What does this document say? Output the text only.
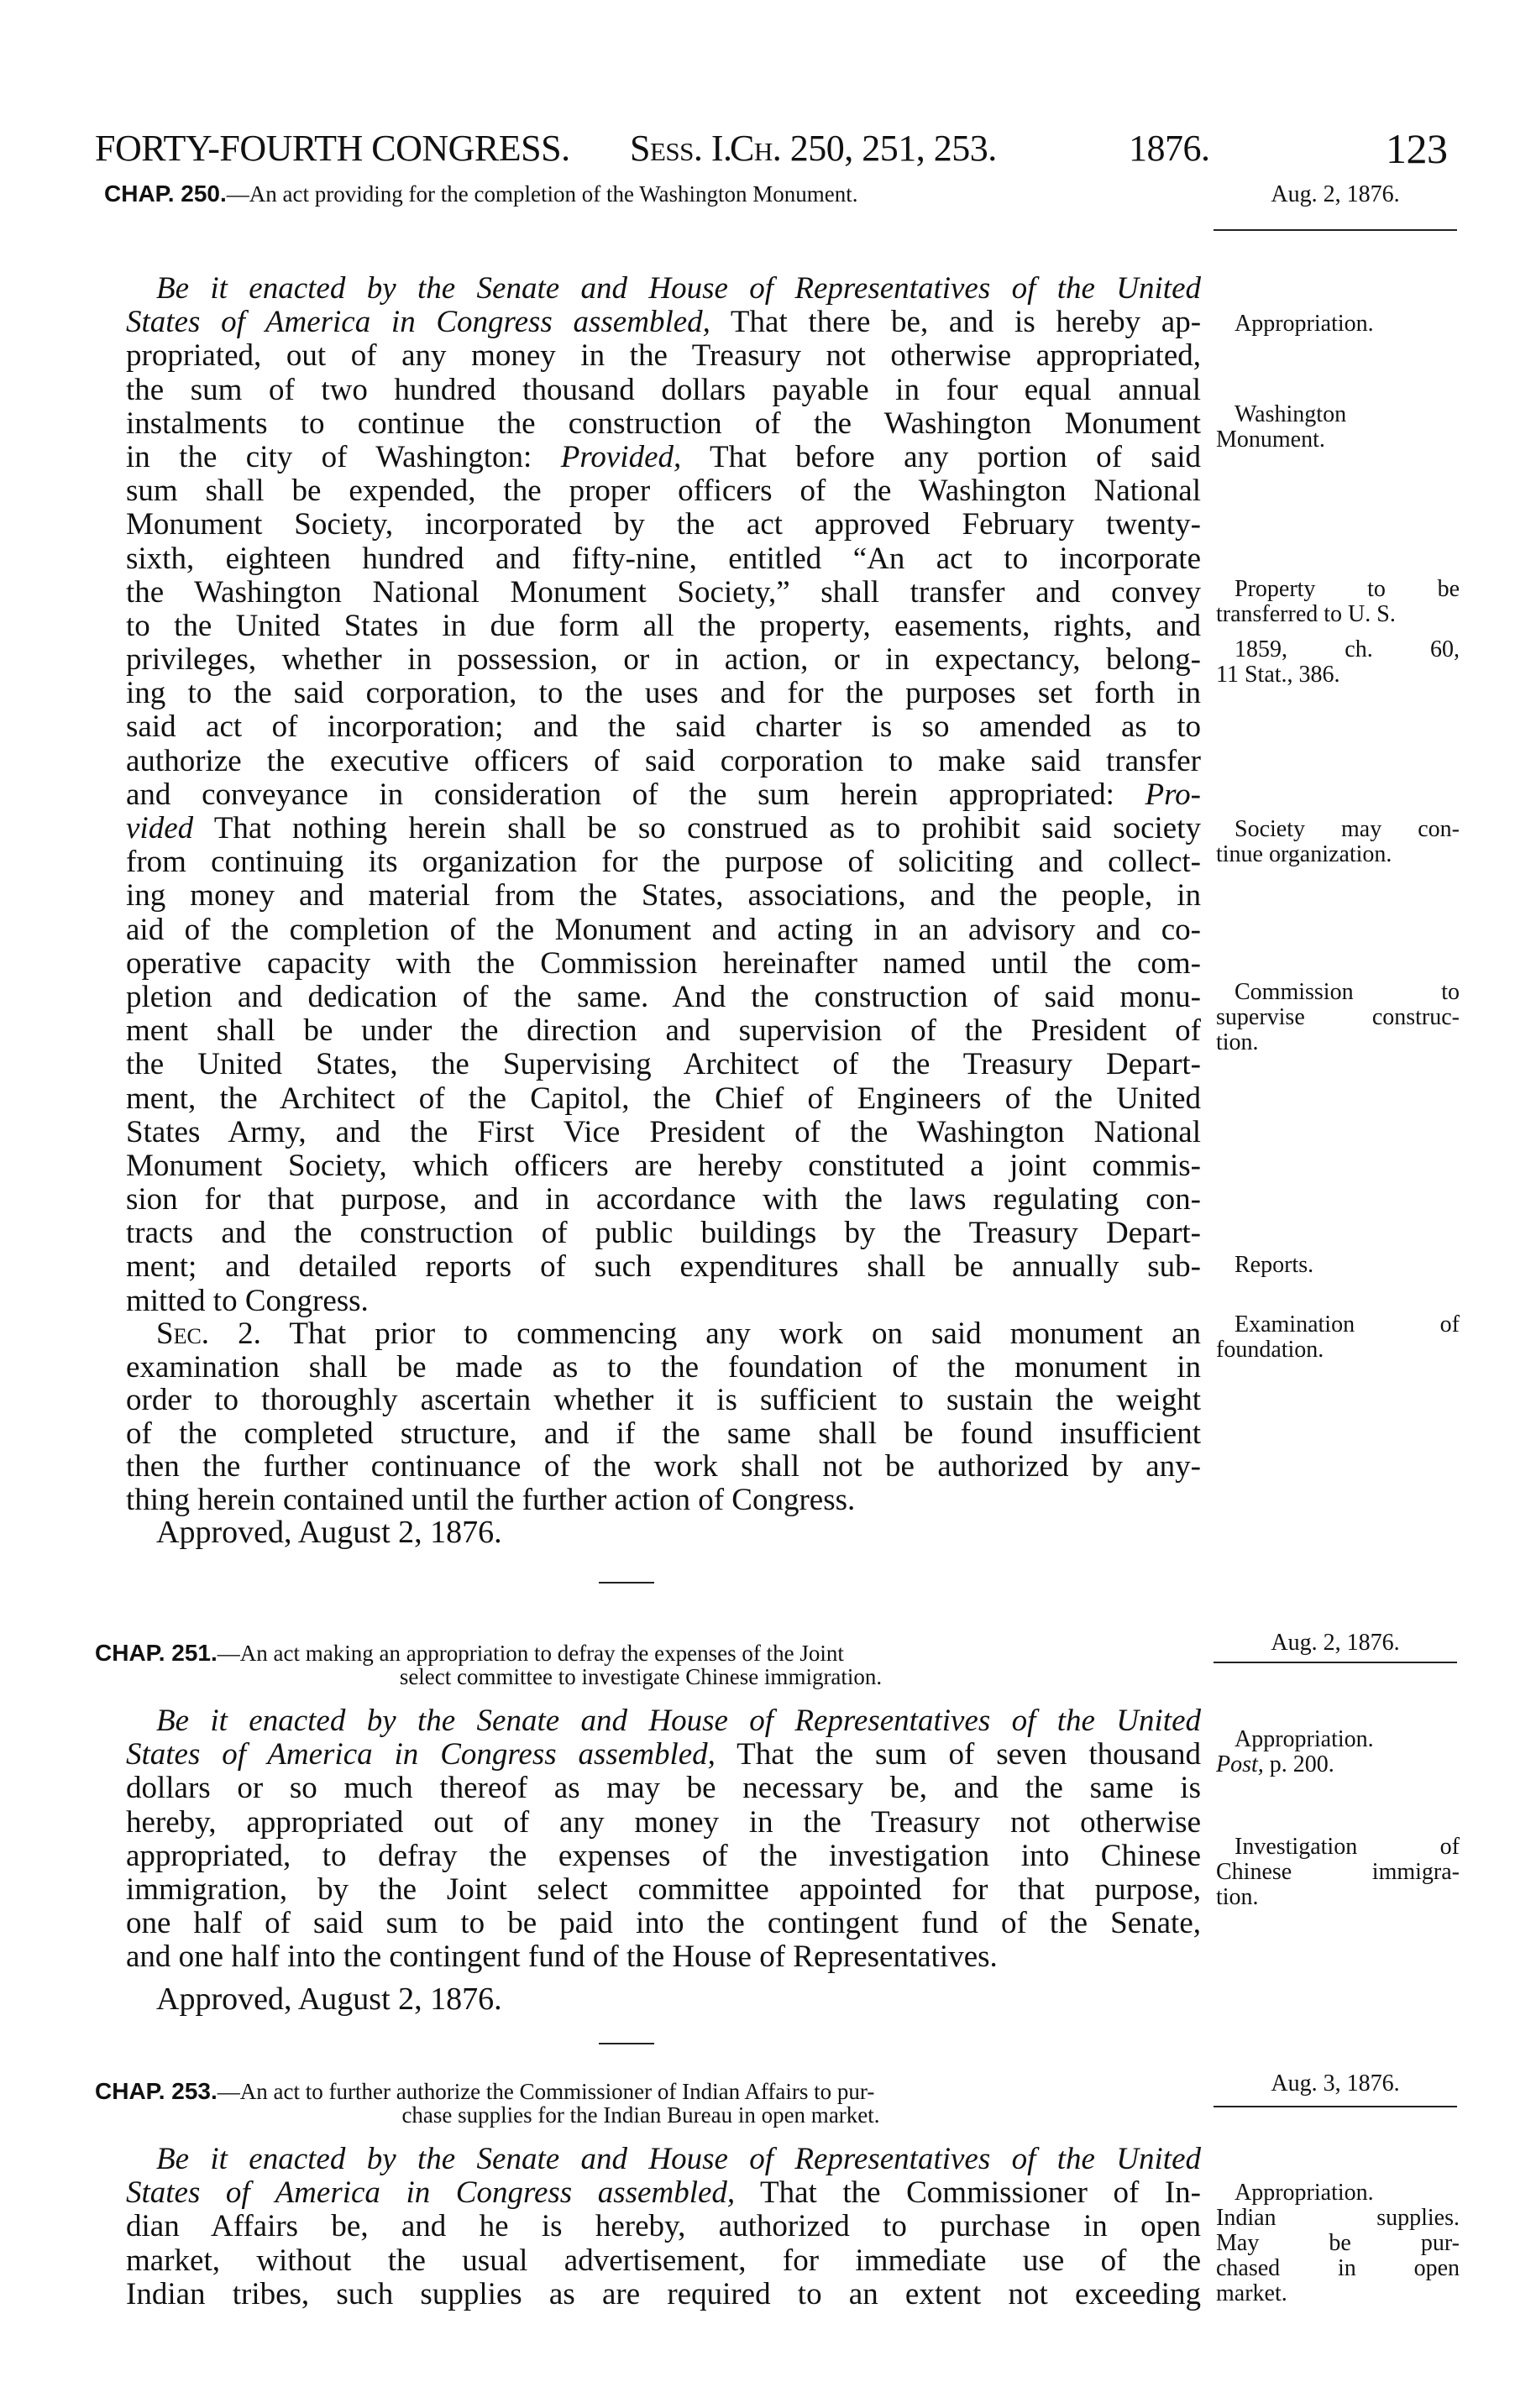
FORTY-FOURTH CONGRESS. Sess. I.
Ch. 250, 251, 253.	1876.	123
CHAP. 250.—An act providing for the completion of the Washington Monument.	Aug. 2, 1876.
Be it enacted by the Senate and House of Representatives of the United
States of America in Congress assembled, That there be, and is hereby ap-
propriated, out of any money in the Treasury not otherwise appropriated,
the sum of two hundred thousand dollars payable in four equal annual
instalments to continue the construction of the Washington Monument
in the city of Washington: Provided, That before any portion of said
sum shall be expended, the proper officers of the Washington National
Monument Society, incorporated by the act approved February twenty-
sixth, eighteen hundred and fifty-nine, entitled “An act to incorporate
the Washington National Monument Society,” shall transfer and convey
to the United States in due form all the property, easements, rights, and
privileges, whether in possession, or in action, or in expectancy, belong-
ing to the said corporation, to the uses and for the purposes set forth in
said act of incorporation; and the said charter is so amended as to
authorize the executive officers of said corporation to make said transfer
and conveyance in consideration of the sum herein appropriated: Pro-
vided That nothing herein shall be so construed as to prohibit said society
from continuing its organization for the purpose of soliciting and collect-
ing money and material from the States, associations, and the people, in
aid of the completion of the Monument and acting in an advisory and co-
operative capacity with the Commission hereinafter named until the com-
pletion and dedication of the same. And the construction of said monu-
ment shall be under the direction and supervision of the President of
the United States, the Supervising Architect of the Treasury Depart-
ment, the Architect of the Capitol, the Chief of Engineers of the United
States Army, and the First Vice President of the Washington National
Monument Society, which officers are hereby constituted a joint commis-
sion for that purpose, and in accordance with the laws regulating con-
tracts and the construction of public buildings by the Treasury Depart-
ment; and detailed reports of such expenditures shall be annually sub-
mitted to Congress.
Sec. 2. That prior to commencing any work on said monument an
examination shall be made as to the foundation of the monument in
order to thoroughly ascertain whether it is sufficient to sustain the weight
of the completed structure, and if the same shall be found insufficient
then the further continuance of the work shall not be authorized by any-
thing herein contained until the further action of Congress.
Approved, August 2, 1876.
Appropriation.
Washington
Monument.
Property to be
transferred to U. S.
1859, ch. 60,
11 Stat., 386.
Society may con-
tinue organization.
Commission to
supervise construc-
tion.
Reports.
Examination of
foundation.
CHAP. 251.—An act making an appropriation to defray the expenses of the Joint
select committee to investigate Chinese immigration.
Aug. 2, 1876.
Be it enacted by the Senate and House of Representatives of the United
States of America in Congress assembled, That the sum of seven thousand
dollars or so much thereof as may be necessary be, and the same is
hereby, appropriated out of any money in the Treasury not otherwise
appropriated, to defray the expenses of the investigation into Chinese
immigration, by the Joint select committee appointed for that purpose,
one half of said sum to be paid into the contingent fund of the Senate,
and one half into the contingent fund of the House of Representatives.
Approved, August 2, 1876.
Appropriation.
Post, p. 200.
Investigation of
Chinese immigra-
tion.
CHAP. 253.—An act to further authorize the Commissioner of Indian Affairs to pur-
chase supplies for the Indian Bureau in open market.
Aug. 3, 1876.
Be it enacted by the Senate and House of Representatives of the United
States of America in Congress assembled, That the Commissioner of In-
dian Affairs be, and he is hereby, authorized to purchase in open
market, without the usual advertisement, for immediate use of the
Indian tribes, such supplies as are required to an extent not exceeding
Appropriation.
Indian supplies.
May be pur-
chased in open
market.
